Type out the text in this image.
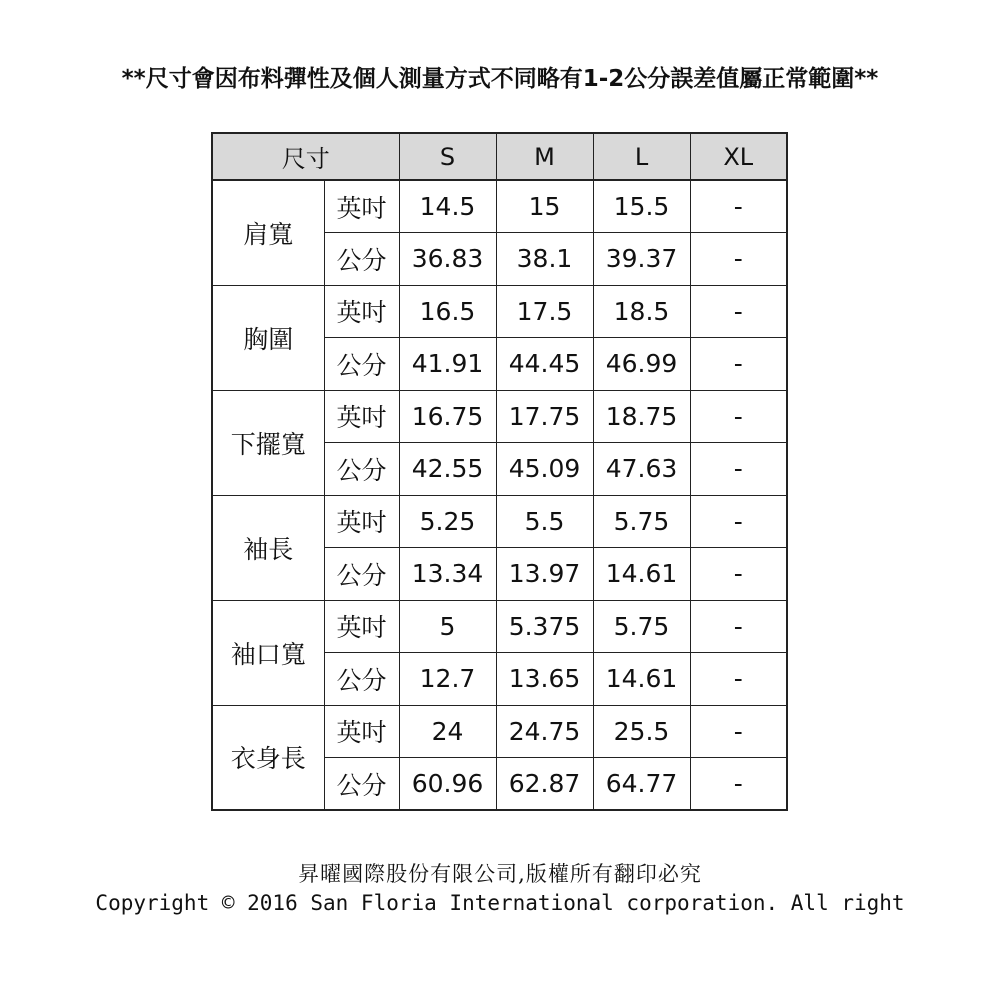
**尺寸會因布料彈性及個人測量方式不同略有1-2公分誤差值屬正常範圍**
尺寸		S	M	L	XL
肩寬	英吋	14.5	15	15.5	-
	公分	36.83	38.1	39.37	-
胸圍	英吋	16.5	17.5	18.5	-
	公分	41.91	44.45	46.99	-
下擺寬	英吋	16.75	17.75	18.75	-
	公分	42.55	45.09	47.63	-
袖長	英吋	5.25	5.5	5.75	-
	公分	13.34	13.97	14.61	-
袖口寬	英吋	5	5.375	5.75	-
	公分	12.7	13.65	14.61	-
衣身長	英吋	24	24.75	25.5	-
	公分	60.96	62.87	64.77	-
昇曜國際股份有限公司,版權所有翻印必究
Copyright © 2016 San Floria International corporation. All right
